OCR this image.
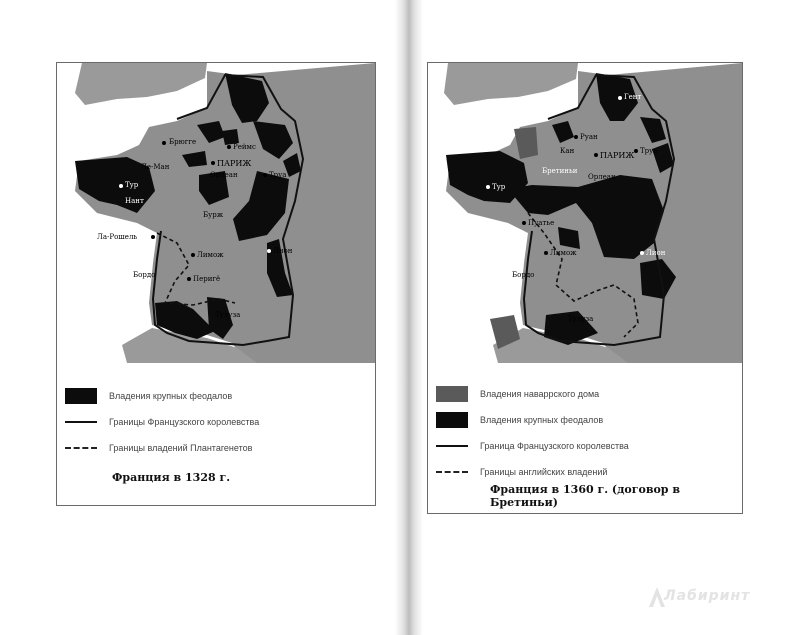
Брюгге
Реймс
ПАРИЖ
Орлеан	Труа
Ле-Ман
Тур
Нант
Бурж
Ла-Рошель
Лимож	Лион
Бордо	Перигё
Тулуза
Владения крупных феодалов
Границы Французского королевства
Границы владений Плантагенетов
Франция в 1328 г.
Гент
Руан
Кан	ПАРИЖ Труа
Бретиньи
Орлеан
Тур
Пуатье
Лимож
Бордо
Лион
Тулуза
Владения наваррского дома
Владения крупных феодалов
Граница Французского королевства
Границы английских владений
Франция в 1360 г. (договор в Бретиньи)
Лабиринт
